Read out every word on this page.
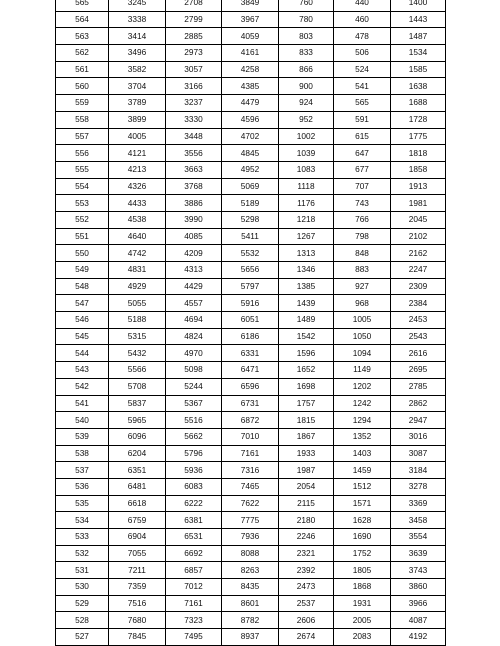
565	3245	2708	3849	760	440	1400
564	3338	2799	3967	780	460	1443
563	3414	2885	4059	803	478	1487
562	3496	2973	4161	833	506	1534
561	3582	3057	4258	866	524	1585
560	3704	3166	4385	900	541	1638
559	3789	3237	4479	924	565	1688
558	3899	3330	4596	952	591	1728
557	4005	3448	4702	1002	615	1775
556	4121	3556	4845	1039	647	1818
555	4213	3663	4952	1083	677	1858
554	4326	3768	5069	1118	707	1913
553	4433	3886	5189	1176	743	1981
552	4538	3990	5298	1218	766	2045
551	4640	4085	5411	1267	798	2102
550	4742	4209	5532	1313	848	2162
549	4831	4313	5656	1346	883	2247
548	4929	4429	5797	1385	927	2309
547	5055	4557	5916	1439	968	2384
546	5188	4694	6051	1489	1005	2453
545	5315	4824	6186	1542	1050	2543
544	5432	4970	6331	1596	1094	2616
543	5566	5098	6471	1652	1149	2695
542	5708	5244	6596	1698	1202	2785
541	5837	5367	6731	1757	1242	2862
540	5965	5516	6872	1815	1294	2947
539	6096	5662	7010	1867	1352	3016
538	6204	5796	7161	1933	1403	3087
537	6351	5936	7316	1987	1459	3184
536	6481	6083	7465	2054	1512	3278
535	6618	6222	7622	2115	1571	3369
534	6759	6381	7775	2180	1628	3458
533	6904	6531	7936	2246	1690	3554
532	7055	6692	8088	2321	1752	3639
531	7211	6857	8263	2392	1805	3743
530	7359	7012	8435	2473	1868	3860
529	7516	7161	8601	2537	1931	3966
528	7680	7323	8782	2606	2005	4087
527	7845	7495	8937	2674	2083	4192
